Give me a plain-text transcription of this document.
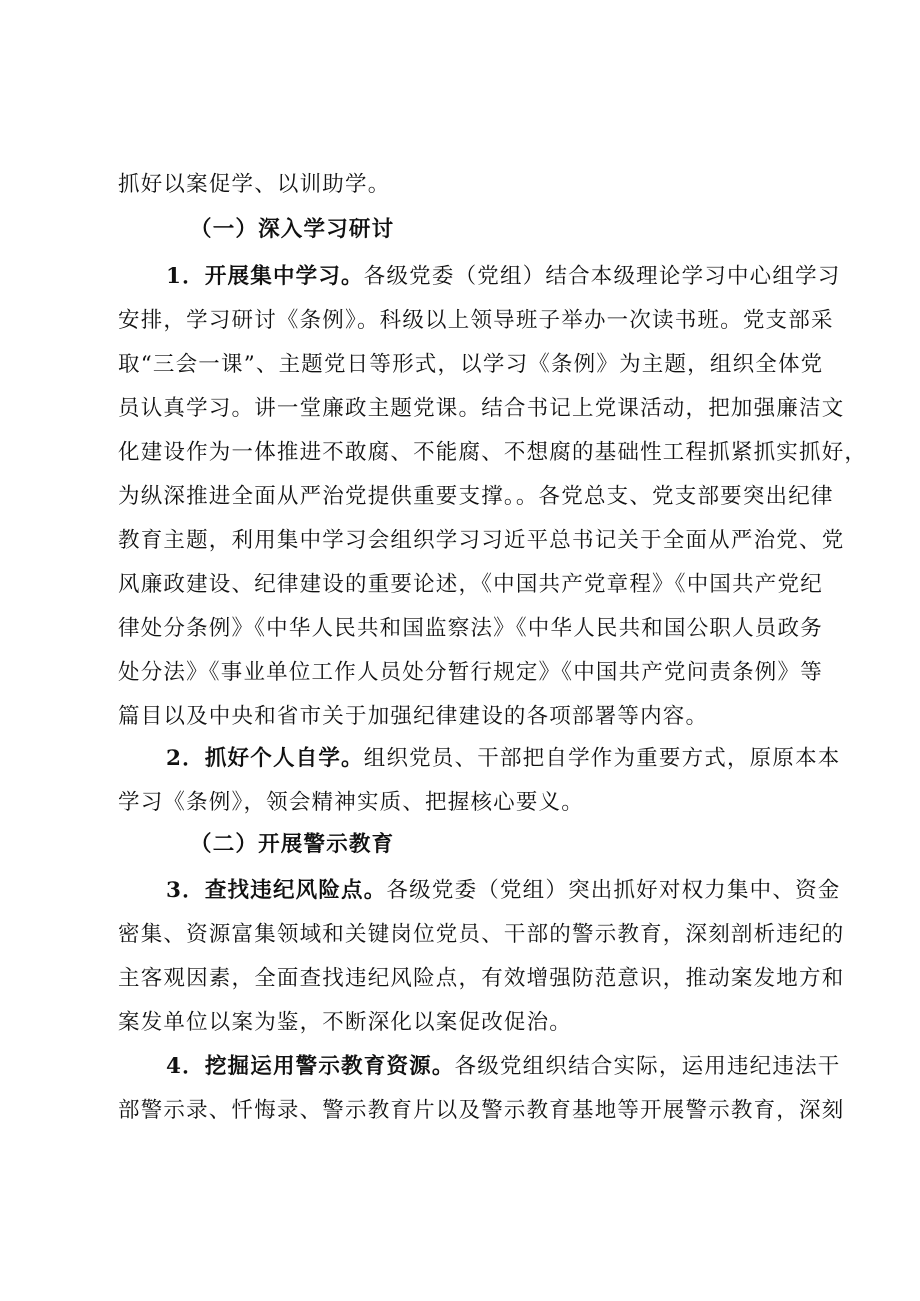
抓好以案促学、以训助学。
（一）深入学习研讨
1．开展集中学习。各级党委（党组）结合本级理论学习中心组学习
安排，学习研讨《条例》。科级以上领导班子举办一次读书班。党支部采
取“三会一课”、主题党日等形式，以学习《条例》为主题，组织全体党
员认真学习。讲一堂廉政主题党课。结合书记上党课活动，把加强廉洁文
化建设作为一体推进不敢腐、不能腐、不想腐的基础性工程抓紧抓实抓好，
为纵深推进全面从严治党提供重要支撑。。各党总支、党支部要突出纪律
教育主题，利用集中学习会组织学习习近平总书记关于全面从严治党、党
风廉政建设、纪律建设的重要论述，《中国共产党章程》《中国共产党纪
律处分条例》《中华人民共和国监察法》《中华人民共和国公职人员政务
处分法》《事业单位工作人员处分暂行规定》《中国共产党问责条例》等
篇目以及中央和省市关于加强纪律建设的各项部署等内容。
2．抓好个人自学。组织党员、干部把自学作为重要方式，原原本本
学习《条例》，领会精神实质、把握核心要义。
（二）开展警示教育
3．查找违纪风险点。各级党委（党组）突出抓好对权力集中、资金
密集、资源富集领域和关键岗位党员、干部的警示教育，深刻剖析违纪的
主客观因素，全面查找违纪风险点，有效增强防范意识，推动案发地方和
案发单位以案为鉴，不断深化以案促改促治。
4．挖掘运用警示教育资源。各级党组织结合实际，运用违纪违法干
部警示录、忏悔录、警示教育片以及警示教育基地等开展警示教育，深刻
